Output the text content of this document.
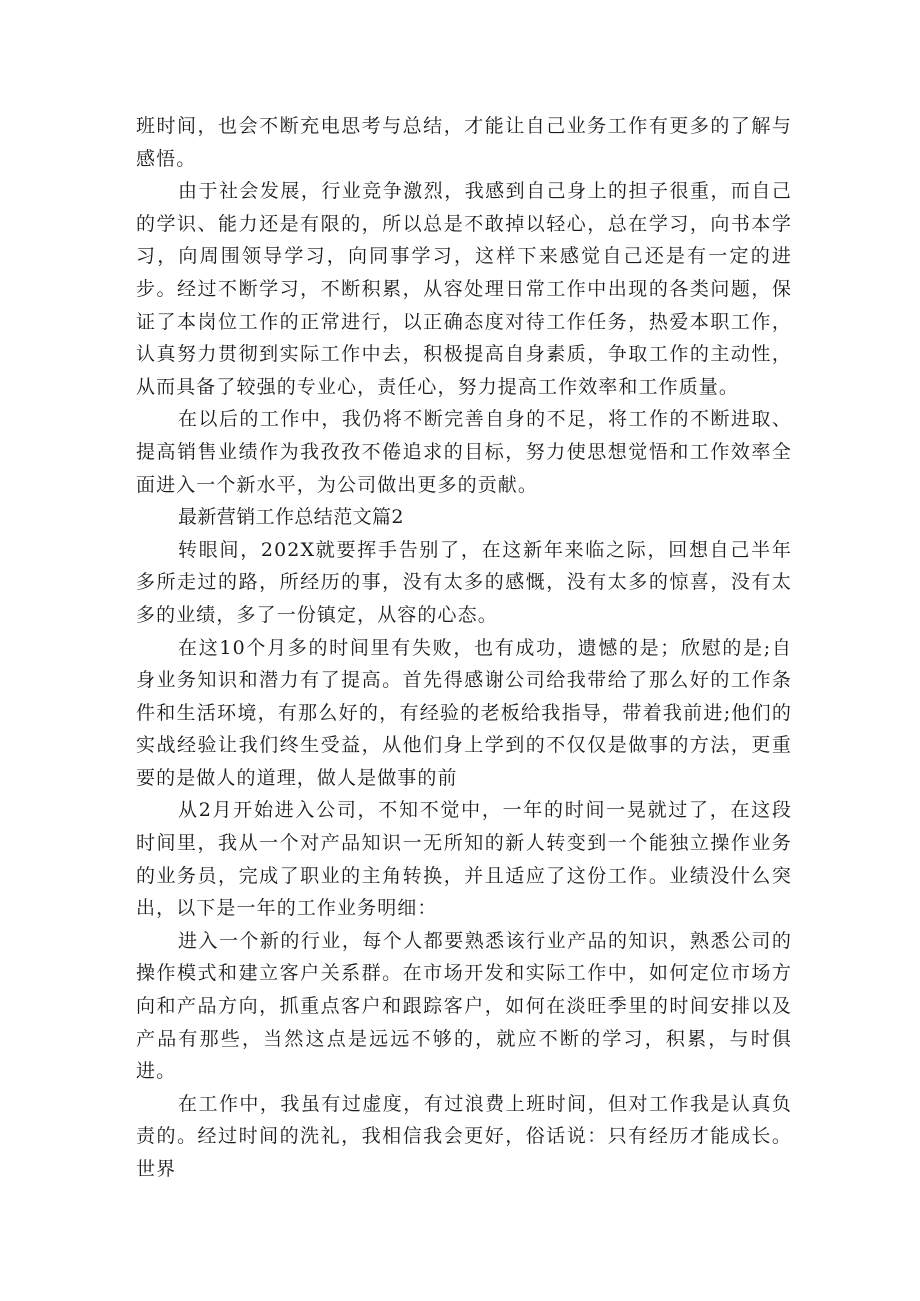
班时间，也会不断充电思考与总结，才能让自己业务工作有更多的了解与感悟。

由于社会发展，行业竞争激烈，我感到自己身上的担子很重，而自己的学识、能力还是有限的，所以总是不敢掉以轻心，总在学习，向书本学习，向周围领导学习，向同事学习，这样下来感觉自己还是有一定的进步。经过不断学习，不断积累，从容处理日常工作中出现的各类问题，保证了本岗位工作的正常进行，以正确态度对待工作任务，热爱本职工作，认真努力贯彻到实际工作中去，积极提高自身素质，争取工作的主动性，从而具备了较强的专业心，责任心，努力提高工作效率和工作质量。

在以后的工作中，我仍将不断完善自身的不足，将工作的不断进取、提高销售业绩作为我孜孜不倦追求的目标，努力使思想觉悟和工作效率全面进入一个新水平，为公司做出更多的贡献。

最新营销工作总结范文篇2

转眼间，202X就要挥手告别了，在这新年来临之际，回想自己半年多所走过的路，所经历的事，没有太多的感慨，没有太多的惊喜，没有太多的业绩，多了一份镇定，从容的心态。

在这10个月多的时间里有失败，也有成功，遗憾的是；欣慰的是;自身业务知识和潜力有了提高。首先得感谢公司给我带给了那么好的工作条件和生活环境，有那么好的，有经验的老板给我指导，带着我前进;他们的实战经验让我们终生受益，从他们身上学到的不仅仅是做事的方法，更重要的是做人的道理，做人是做事的前

从2月开始进入公司，不知不觉中，一年的时间一晃就过了，在这段时间里，我从一个对产品知识一无所知的新人转变到一个能独立操作业务的业务员，完成了职业的主角转换，并且适应了这份工作。业绩没什么突出，以下是一年的工作业务明细：

进入一个新的行业，每个人都要熟悉该行业产品的知识，熟悉公司的操作模式和建立客户关系群。在市场开发和实际工作中，如何定位市场方向和产品方向，抓重点客户和跟踪客户，如何在淡旺季里的时间安排以及产品有那些，当然这点是远远不够的，就应不断的学习，积累，与时俱进。

在工作中，我虽有过虚度，有过浪费上班时间，但对工作我是认真负责的。经过时间的洗礼，我相信我会更好，俗话说：只有经历才能成长。世界
